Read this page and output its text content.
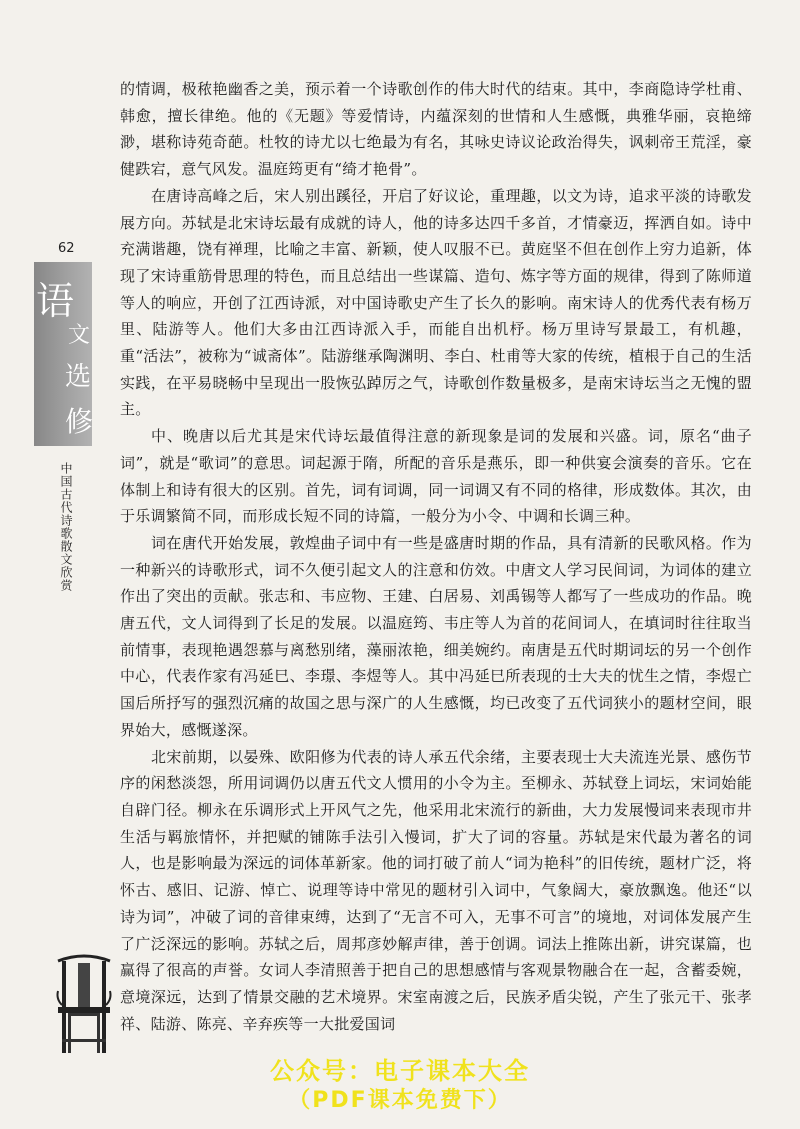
62
语
文
选
修
中国古代诗歌散文欣赏

的情调，极秾艳幽香之美，预示着一个诗歌创作的伟大时代的结束。其中，李商隐诗学杜甫、韩愈，擅长律绝。他的《无题》等爱情诗，内蕴深刻的世情和人生感慨，典雅华丽，哀艳缔渺，堪称诗苑奇葩。杜牧的诗尤以七绝最为有名，其咏史诗议论政治得失，讽刺帝王荒淫，豪健跌宕，意气风发。温庭筠更有“绮才艳骨”。

在唐诗高峰之后，宋人别出蹊径，开启了好议论，重理趣，以文为诗，追求平淡的诗歌发展方向。苏轼是北宋诗坛最有成就的诗人，他的诗多达四千多首，才情豪迈，挥洒自如。诗中充满谐趣，饶有禅理，比喻之丰富、新颖，使人叹服不已。黄庭坚不但在创作上穷力追新，体现了宋诗重筋骨思理的特色，而且总结出一些谋篇、造句、炼字等方面的规律，得到了陈师道等人的响应，开创了江西诗派，对中国诗歌史产生了长久的影响。南宋诗人的优秀代表有杨万里、陆游等人。他们大多由江西诗派入手，而能自出机杼。杨万里诗写景最工，有机趣，重“活法”，被称为“诚斋体”。陆游继承陶渊明、李白、杜甫等大家的传统，植根于自己的生活实践，在平易晓畅中呈现出一股恢弘踔厉之气，诗歌创作数量极多，是南宋诗坛当之无愧的盟主。

中、晚唐以后尤其是宋代诗坛最值得注意的新现象是词的发展和兴盛。词，原名“曲子词”，就是“歌词”的意思。词起源于隋，所配的音乐是燕乐，即一种供宴会演奏的音乐。它在体制上和诗有很大的区别。首先，词有词调，同一词调又有不同的格律，形成数体。其次，由于乐调繁简不同，而形成长短不同的诗篇，一般分为小令、中调和长调三种。

词在唐代开始发展，敦煌曲子词中有一些是盛唐时期的作品，具有清新的民歌风格。作为一种新兴的诗歌形式，词不久便引起文人的注意和仿效。中唐文人学习民间词，为词体的建立作出了突出的贡献。张志和、韦应物、王建、白居易、刘禹锡等人都写了一些成功的作品。晚唐五代，文人词得到了长足的发展。以温庭筠、韦庄等人为首的花间词人，在填词时往往取当前情事，表现艳遇怨慕与离愁别绪，藻丽浓艳，细美婉约。南唐是五代时期词坛的另一个创作中心，代表作家有冯延巳、李璟、李煜等人。其中冯延巳所表现的士大夫的忧生之情，李煜亡国后所抒写的强烈沉痛的故国之思与深广的人生感慨，均已改变了五代词狭小的题材空间，眼界始大，感慨遂深。

北宋前期，以晏殊、欧阳修为代表的诗人承五代余绪，主要表现士大夫流连光景、感伤节序的闲愁淡怨，所用词调仍以唐五代文人惯用的小令为主。至柳永、苏轼登上词坛，宋词始能自辟门径。柳永在乐调形式上开风气之先，他采用北宋流行的新曲，大力发展慢词来表现市井生活与羁旅情怀，并把赋的铺陈手法引入慢词，扩大了词的容量。苏轼是宋代最为著名的词人，也是影响最为深远的词体革新家。他的词打破了前人“词为艳科”的旧传统，题材广泛，将怀古、感旧、记游、悼亡、说理等诗中常见的题材引入词中，气象阔大，豪放飘逸。他还“以诗为词”，冲破了词的音律束缚，达到了“无言不可入，无事不可言”的境地，对词体发展产生了广泛深远的影响。苏轼之后，周邦彦妙解声律，善于创调。词法上推陈出新，讲究谋篇，也赢得了很高的声誉。女词人李清照善于把自己的思想感情与客观景物融合在一起，含蓄委婉，意境深远，达到了情景交融的艺术境界。宋室南渡之后，民族矛盾尖锐，产生了张元干、张孝祥、陆游、陈亮、辛弃疾等一大批爱国词

公众号：电子课本大全
（PDF课本免费下）
